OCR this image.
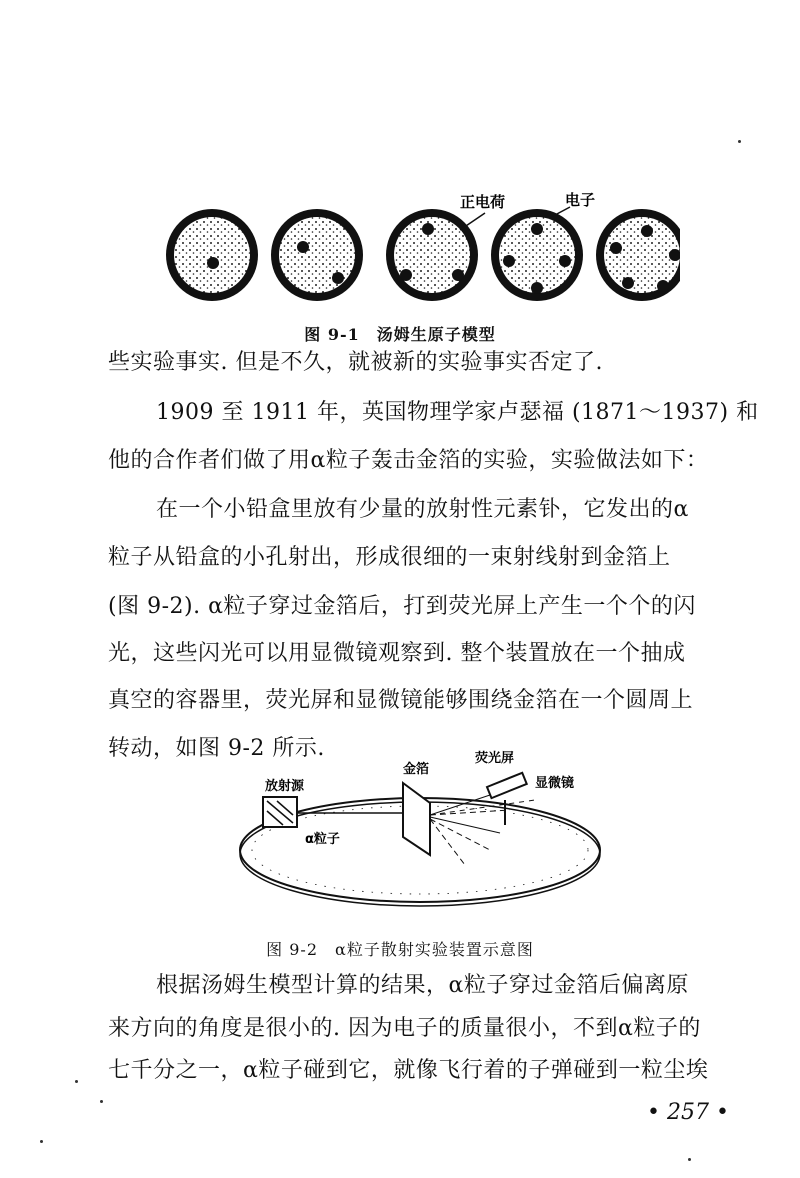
正电荷	电子
图 9-1　汤姆生原子模型
些实验事实. 但是不久，就被新的实验事实否定了.
1909 至 1911 年，英国物理学家卢瑟福 (1871～1937) 和
他的合作者们做了用α粒子轰击金箔的实验，实验做法如下：
在一个小铅盒里放有少量的放射性元素钋，它发出的α
粒子从铅盒的小孔射出，形成很细的一束射线射到金箔上
(图 9-2). α粒子穿过金箔后，打到荧光屏上产生一个个的闪
光，这些闪光可以用显微镜观察到. 整个装置放在一个抽成
真空的容器里，荧光屏和显微镜能够围绕金箔在一个圆周上
转动，如图 9-2 所示.
放射源
α粒子
金箔
荧光屏
显微镜
图 9-2　α粒子散射实验装置示意图
根据汤姆生模型计算的结果，α粒子穿过金箔后偏离原
来方向的角度是很小的. 因为电子的质量很小，不到α粒子的
七千分之一，α粒子碰到它，就像飞行着的子弹碰到一粒尘埃
• 257 •
